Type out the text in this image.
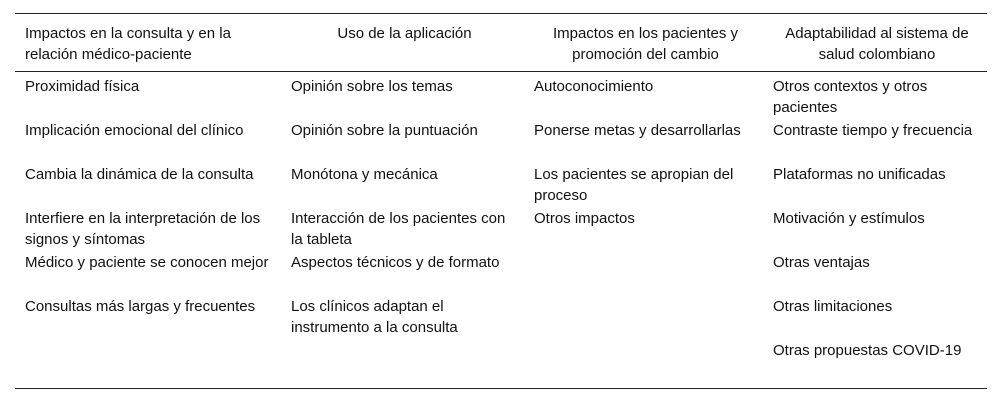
Impactos en la consulta y en la relación médico-paciente	Uso de la aplicación	Impactos en los pacientes y promoción del cambio	Adaptabilidad al sistema de salud colombiano
Proximidad física	Opinión sobre los temas	Autoconocimiento	Otros contextos y otros pacientes
Implicación emocional del clínico	Opinión sobre la puntuación	Ponerse metas y desarrollarlas	Contraste tiempo y frecuencia
Cambia la dinámica de la consulta	Monótona y mecánica	Los pacientes se apropian del proceso	Plataformas no unificadas
Interfiere en la interpretación de los signos y síntomas	Interacción de los pacientes con la tableta	Otros impactos	Motivación y estímulos
Médico y paciente se conocen mejor	Aspectos técnicos y de formato		Otras ventajas
Consultas más largas y frecuentes	Los clínicos adaptan el instrumento a la consulta		Otras limitaciones
			Otras propuestas COVID-19
